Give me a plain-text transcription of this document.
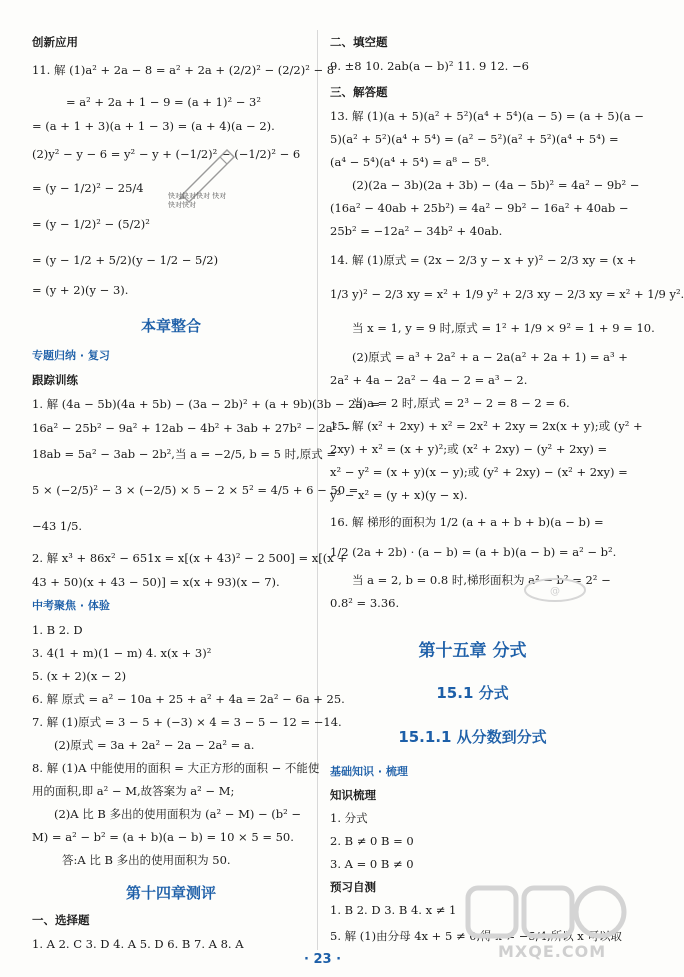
创新应用
11. 解 (1)a² + 2a − 8 = a² + 2a + (2/2)² − (2/2)² − 8
= a² + 2a + 1 − 9 = (a + 1)² − 3²
= (a + 1 + 3)(a + 1 − 3) = (a + 4)(a − 2).
(2)y² − y − 6 = y² − y + (−1/2)² − (−1/2)² − 6
= (y − 1/2)² − 25/4
= (y − 1/2)² − (5/2)²
= (y − 1/2 + 5/2)(y − 1/2 − 5/2)
= (y + 2)(y − 3).
本章整合
专题归纳 · 复习
跟踪训练
1. 解 (4a − 5b)(4a + 5b) − (3a − 2b)² + (a + 9b)(3b − 2a) =
16a² − 25b² − 9a² + 12ab − 4b² + 3ab + 27b² − 2a² −
18ab = 5a² − 3ab − 2b²,当 a = −2/5, b = 5 时,原式 =
5 × (−2/5)² − 3 × (−2/5) × 5 − 2 × 5² = 4/5 + 6 − 50 =
−43 1/5.
2. 解 x³ + 86x² − 651x = x[(x + 43)² − 2 500] = x[(x +
43 + 50)(x + 43 − 50)] = x(x + 93)(x − 7).
中考聚焦 · 体验
1. B 2. D
3. 4(1 + m)(1 − m) 4. x(x + 3)²
5. (x + 2)(x − 2)
6. 解 原式 = a² − 10a + 25 + a² + 4a = 2a² − 6a + 25.
7. 解 (1)原式 = 3 − 5 + (−3) × 4 = 3 − 5 − 12 = −14.
(2)原式 = 3a + 2a² − 2a − 2a² = a.
8. 解 (1)A 中能使用的面积 = 大正方形的面积 − 不能使
用的面积,即 a² − M,故答案为 a² − M;
(2)A 比 B 多出的使用面积为 (a² − M) − (b² −
M) = a² − b² = (a + b)(a − b) = 10 × 5 = 50.
答:A 比 B 多出的使用面积为 50.
第十四章测评
一、选择题
1. A 2. C 3. D 4. A 5. D 6. B 7. A 8. A
快对快对快对 快对快对快对
二、填空题
9. ±8 10. 2ab(a − b)² 11. 9 12. −6
三、解答题
13. 解 (1)(a + 5)(a² + 5²)(a⁴ + 5⁴)(a − 5) = (a + 5)(a −
5)(a² + 5²)(a⁴ + 5⁴) = (a² − 5²)(a² + 5²)(a⁴ + 5⁴) =
(a⁴ − 5⁴)(a⁴ + 5⁴) = a⁸ − 5⁸.
(2)(2a − 3b)(2a + 3b) − (4a − 5b)² = 4a² − 9b² −
(16a² − 40ab + 25b²) = 4a² − 9b² − 16a² + 40ab −
25b² = −12a² − 34b² + 40ab.
14. 解 (1)原式 = (2x − 2/3 y − x + y)² − 2/3 xy = (x +
1/3 y)² − 2/3 xy = x² + 1/9 y² + 2/3 xy − 2/3 xy = x² + 1/9 y².
当 x = 1, y = 9 时,原式 = 1² + 1/9 × 9² = 1 + 9 = 10.
(2)原式 = a³ + 2a² + a − 2a(a² + 2a + 1) = a³ +
2a² + 4a − 2a² − 4a − 2 = a³ − 2.
当 a = 2 时,原式 = 2³ − 2 = 8 − 2 = 6.
15. 解 (x² + 2xy) + x² = 2x² + 2xy = 2x(x + y);或 (y² +
2xy) + x² = (x + y)²;或 (x² + 2xy) − (y² + 2xy) =
x² − y² = (x + y)(x − y);或 (y² + 2xy) − (x² + 2xy) =
y² − x² = (y + x)(y − x).
16. 解 梯形的面积为 1/2 (a + a + b + b)(a − b) =
1/2 (2a + 2b) · (a − b) = (a + b)(a − b) = a² − b².
当 a = 2, b = 0.8 时,梯形面积为 a² − b² = 2² −
0.8² = 3.36.
第十五章 分式
15.1 分式
15.1.1 从分数到分式
基础知识 · 梳理
知识梳理
1. 分式
2. B ≠ 0 B = 0
3. A = 0 B ≠ 0
预习自测
1. B 2. D 3. B 4. x ≠ 1
5. 解 (1)由分母 4x + 5 ≠ 0,得 x ≠ −5/4,所以 x 可以取
@
MXQE.COM
· 23 ·
